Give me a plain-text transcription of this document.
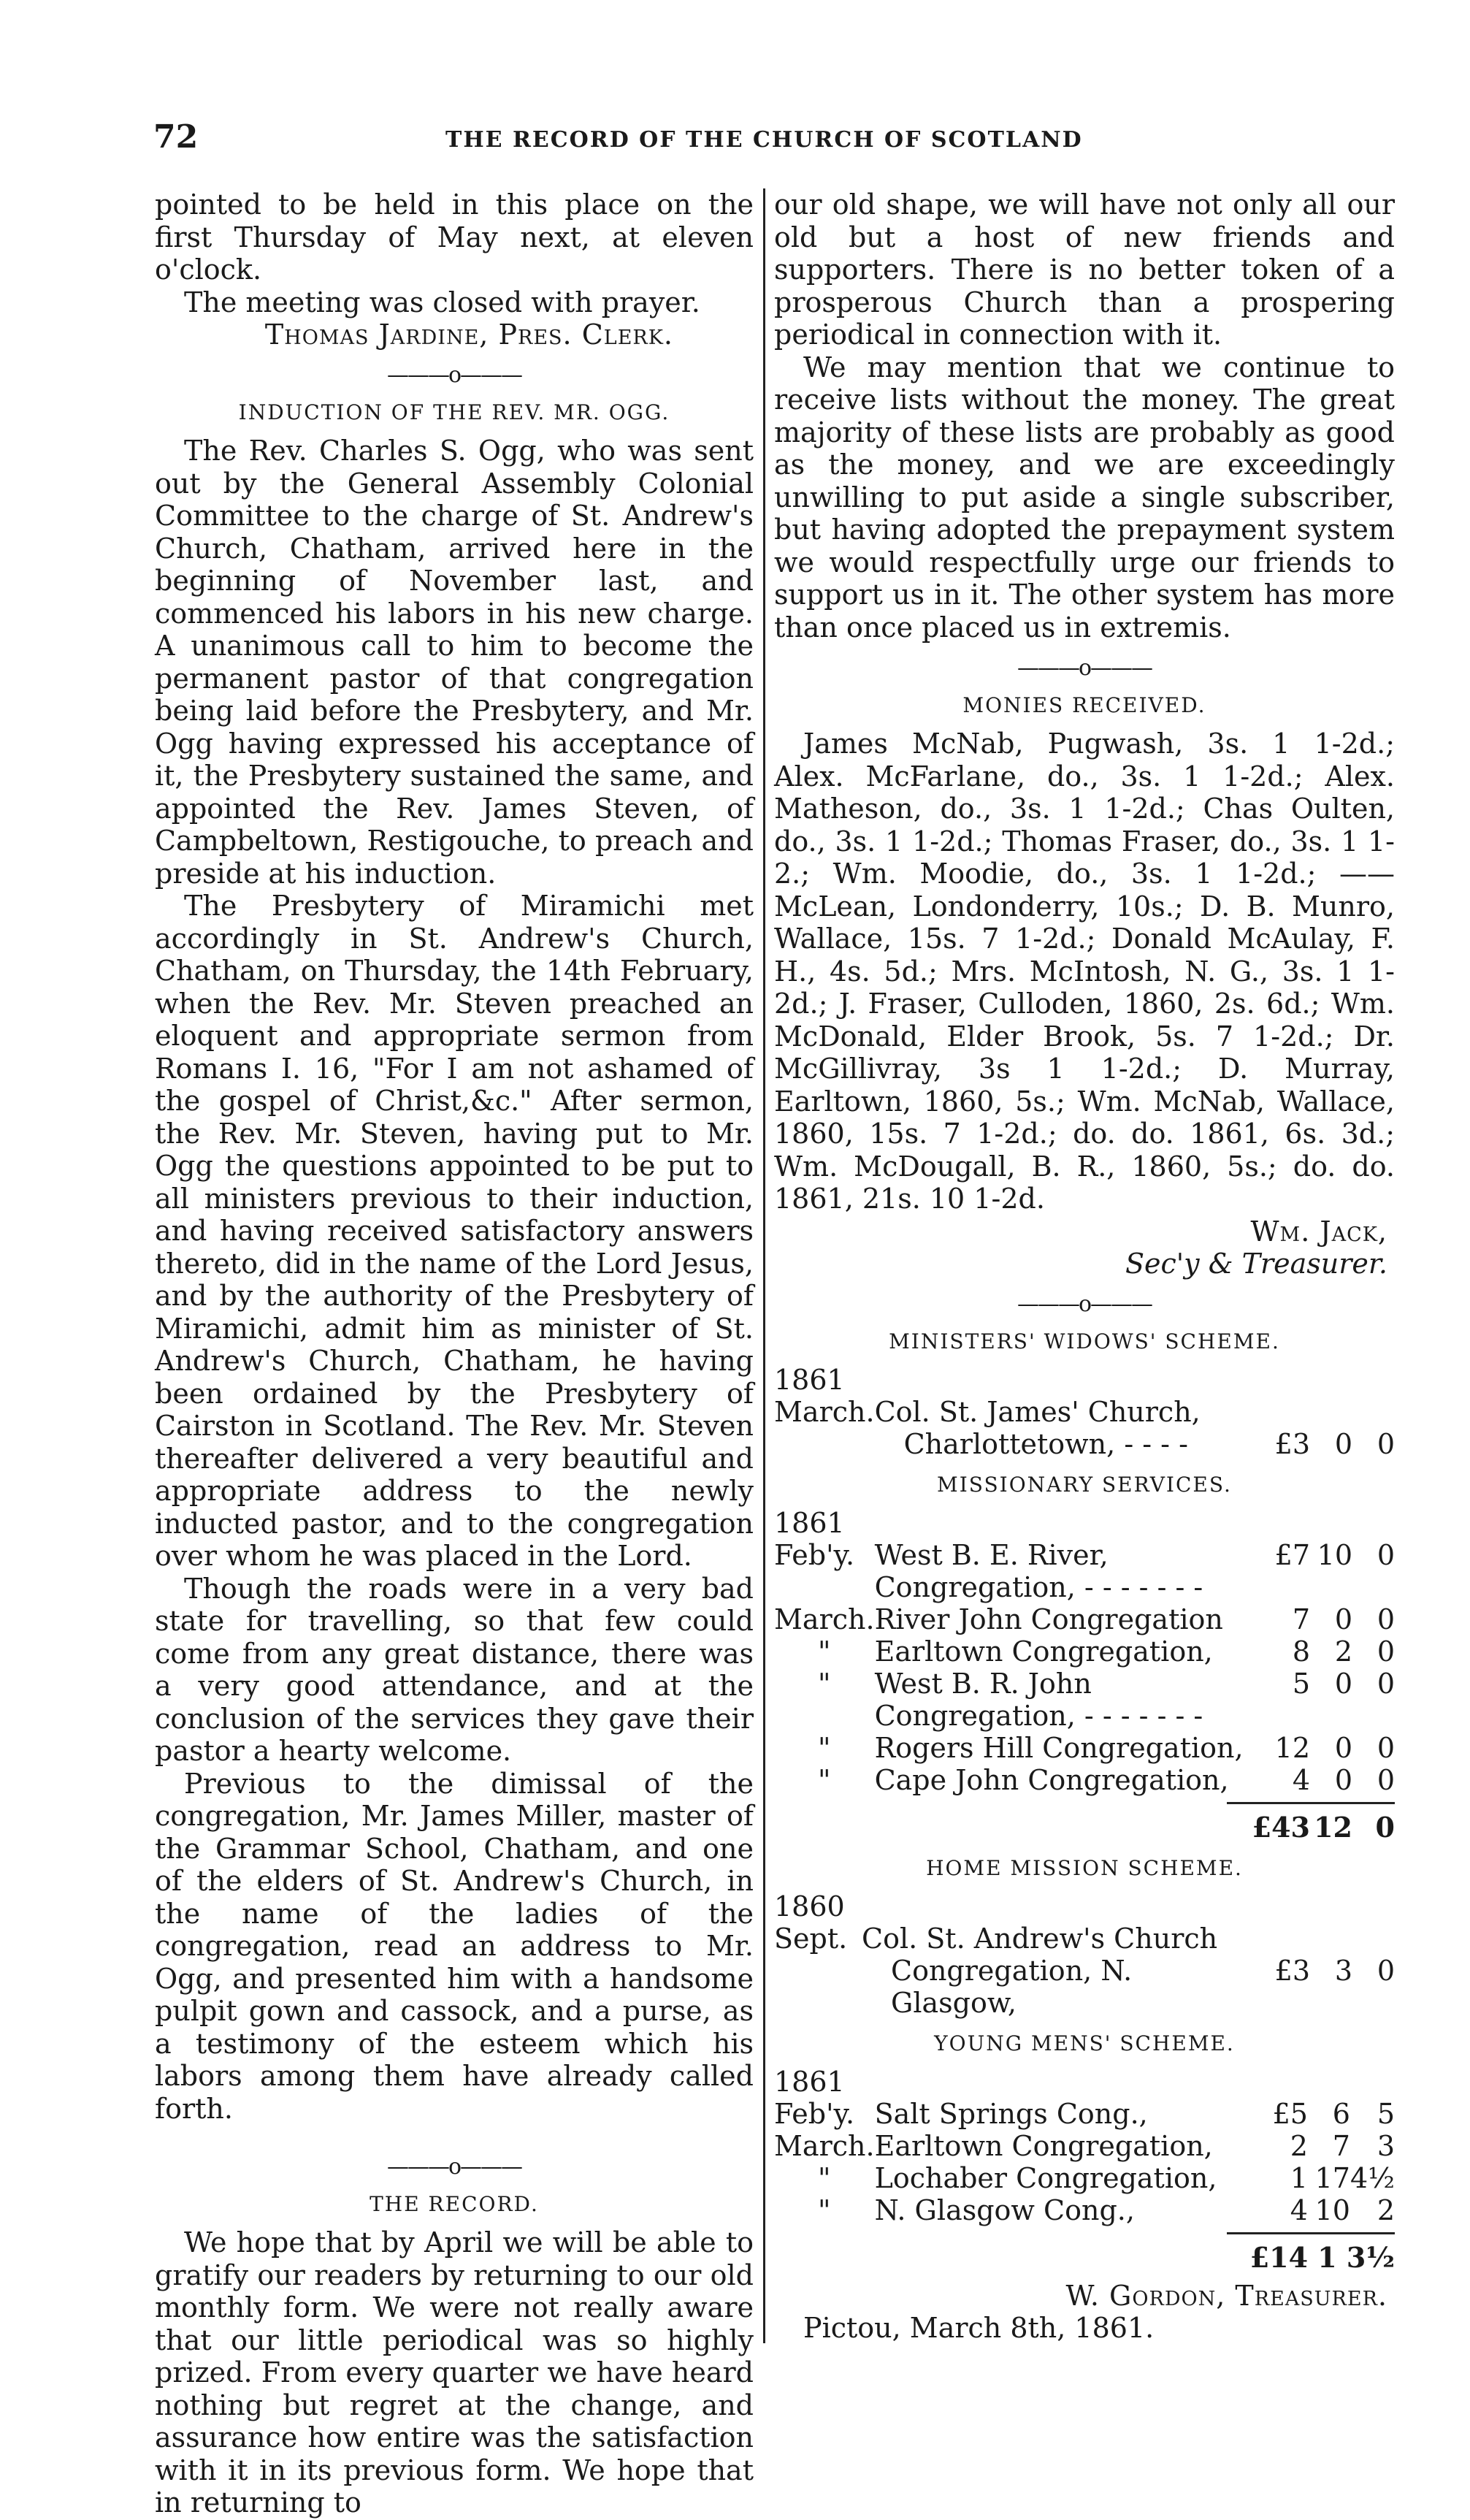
72	THE RECORD OF THE CHURCH OF SCOTLAND

pointed to be held in this place on the first Thursday of May next, at eleven o'clock.

The meeting was closed with prayer.

Thomas Jardine, Pres. Clerk.

———o———
INDUCTION OF THE REV. MR. OGG.

The Rev. Charles S. Ogg, who was sent out by the General Assembly Colonial Committee to the charge of St. Andrew's Church, Chatham, arrived here in the beginning of November last, and commenced his labors in his new charge. A unanimous call to him to become the permanent pastor of that congregation being laid before the Presbytery, and Mr. Ogg having expressed his acceptance of it, the Presbytery sustained the same, and appointed the Rev. James Steven, of Campbeltown, Restigouche, to preach and preside at his induction.

The Presbytery of Miramichi met accordingly in St. Andrew's Church, Chatham, on Thursday, the 14th February, when the Rev. Mr. Steven preached an eloquent and appropriate sermon from Romans I. 16, "For I am not ashamed of the gospel of Christ,&c." After sermon, the Rev. Mr. Steven, having put to Mr. Ogg the questions appointed to be put to all ministers previous to their induction, and having received satisfactory answers thereto, did in the name of the Lord Jesus, and by the authority of the Presbytery of Miramichi, admit him as minister of St. Andrew's Church, Chatham, he having been ordained by the Presbytery of Cairston in Scotland. The Rev. Mr. Steven thereafter delivered a very beautiful and appropriate address to the newly inducted pastor, and to the congregation over whom he was placed in the Lord.

Though the roads were in a very bad state for travelling, so that few could come from any great distance, there was a very good attendance, and at the conclusion of the services they gave their pastor a hearty welcome.

Previous to the dimissal of the congregation, Mr. James Miller, master of the Grammar School, Chatham, and one of the elders of St. Andrew's Church, in the name of the ladies of the congregation, read an address to Mr. Ogg, and presented him with a handsome pulpit gown and cassock, and a purse, as a testimony of the esteem which his labors among them have already called forth.

———o———
THE RECORD.

We hope that by April we will be able to gratify our readers by returning to our old monthly form. We were not really aware that our little periodical was so highly prized. From every quarter we have heard nothing but regret at the change, and assurance how entire was the satisfaction with it in its previous form. We hope that in returning to

our old shape, we will have not only all our old but a host of new friends and supporters. There is no better token of a prosperous Church than a prospering periodical in connection with it.

We may mention that we continue to receive lists without the money. The great majority of these lists are probably as good as the money, and we are exceedingly unwilling to put aside a single subscriber, but having adopted the prepayment system we would respectfully urge our friends to support us in it. The other system has more than once placed us in extremis.

———o———
MONIES RECEIVED.

James McNab, Pugwash, 3s. 1 1-2d.; Alex. McFarlane, do., 3s. 1 1-2d.; Alex. Matheson, do., 3s. 1 1-2d.; Chas Oulten, do., 3s. 1 1-2d.; Thomas Fraser, do., 3s. 1 1-2.; Wm. Moodie, do., 3s. 1 1-2d.; —— McLean, Londonderry, 10s.; D. B. Munro, Wallace, 15s. 7 1-2d.; Donald McAulay, F. H., 4s. 5d.; Mrs. McIntosh, N. G., 3s. 1 1-2d.; J. Fraser, Culloden, 1860, 2s. 6d.; Wm. McDonald, Elder Brook, 5s. 7 1-2d.; Dr. McGillivray, 3s 1 1-2d.; D. Murray, Earltown, 1860, 5s.; Wm. McNab, Wallace, 1860, 15s. 7 1-2d.; do. do. 1861, 6s. 3d.; Wm. McDougall, B. R., 1860, 5s.; do. do. 1861, 21s. 10 1-2d.

Wm. Jack,
Sec'y & Treasurer.
———o———
MINISTERS' WIDOWS' SCHEME.
1861
March.	Col. St. James' Church,			
	Charlottetown, - - - -	£3	0	0
MISSIONARY SERVICES.
1861
Feb'y.	West B. E. River, Congregation, - - - - - - -	£7	10	0
March.	River John Congregation	7	0	0
"	Earltown Congregation,	8	2	0
"	West B. R. John Congregation, - - - - - - -	5	0	0
"	Rogers Hill Congregation,	12	0	0
"	Cape John Congregation,	4	0	0
	£43	12	0
HOME MISSION SCHEME.
1860
Sept.	Col. St. Andrew's Church			
	Congregation, N. Glasgow,	£3	3	0
YOUNG MENS' SCHEME.
1861
Feb'y.	Salt Springs Cong.,	£5	6	5
March.	Earltown Congregation,	2	7	3
"	Lochaber Congregation,	1	17	4½
"	N. Glasgow Cong.,	4	10	2
£14 1 3½
W. Gordon, Treasurer.
Pictou, March 8th, 1861.
